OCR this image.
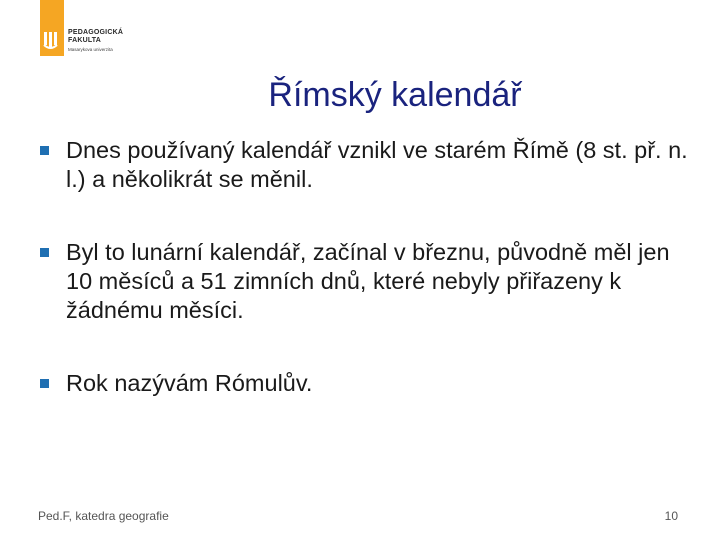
PEDAGOGICKÁ
FAKULTA
Masarykova univerzita
Římský kalendář
Dnes používaný kalendář vznikl ve starém Římě (8 st. př. n. l.) a několikrát se měnil.
Byl to lunární kalendář, začínal v březnu, původně měl jen 10 měsíců a 51 zimních dnů, které nebyly přiřazeny k žádnému měsíci.
Rok nazývám Rómulův.
Ped.F, katedra geografie	10
